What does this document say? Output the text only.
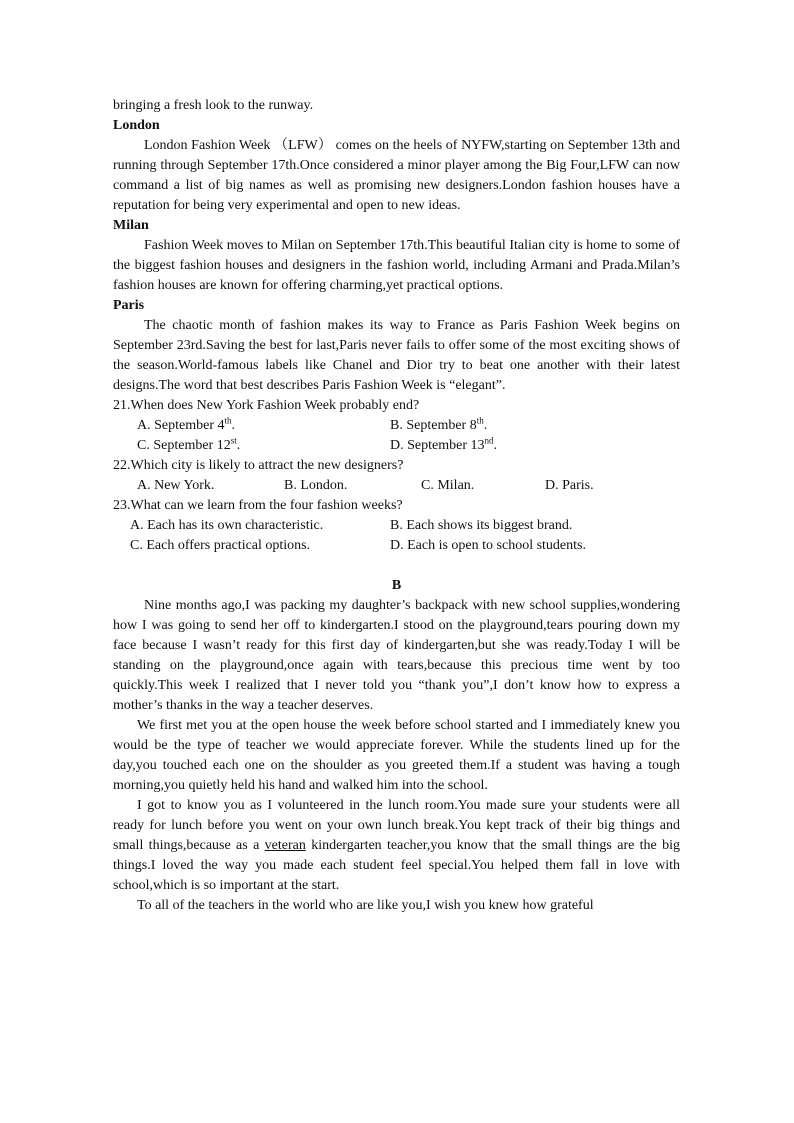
bringing a fresh look to the runway.

London

London Fashion Week （LFW） comes on the heels of NYFW,starting on September 13th and running through September 17th.Once considered a minor player among the Big Four,LFW can now command a list of big names as well as promising new designers.London fashion houses have a reputation for being very experimental and open to new ideas.

Milan

Fashion Week moves to Milan on September 17th.This beautiful Italian city is home to some of the biggest fashion houses and designers in the fashion world, including Armani and Prada.Milan’s fashion houses are known for offering charming,yet practical options.

Paris

The chaotic month of fashion makes its way to France as Paris Fashion Week begins on September 23rd.Saving the best for last,Paris never fails to offer some of the most exciting shows of the season.World-famous labels like Chanel and Dior try to beat one another with their latest designs.The word that best describes Paris Fashion Week is “elegant”.

21.When does New York Fashion Week probably end?

A. September 4th.	B. September 8th.
C. September 12st.	D. September 13nd.

22.Which city is likely to attract the new designers?

A. New York.	B. London.	C. Milan.	D. Paris.

23.What can we learn from the four fashion weeks?

A. Each has its own characteristic.	B. Each shows its biggest brand.
C. Each offers practical options.	D. Each is open to school students.

B

Nine months ago,I was packing my daughter’s backpack with new school supplies,wondering how I was going to send her off to kindergarten.I stood on the playground,tears pouring down my face because I wasn’t ready for this first day of kindergarten,but she was ready.Today I will be standing on the playground,once again with tears,because this precious time went by too quickly.This week I realized that I never told you “thank you”,I don’t know how to express a mother’s thanks in the way a teacher deserves.

We first met you at the open house the week before school started and I immediately knew you would be the type of teacher we would appreciate forever. While the students lined up for the day,you touched each one on the shoulder as you greeted them.If a student was having a tough morning,you quietly held his hand and walked him into the school.

I got to know you as I volunteered in the lunch room.You made sure your students were all ready for lunch before you went on your own lunch break.You kept track of their big things and small things,because as a veteran kindergarten teacher,you know that the small things are the big things.I loved the way you made each student feel special.You helped them fall in love with school,which is so important at the start.

To all of the teachers in the world who are like you,I wish you knew how grateful
